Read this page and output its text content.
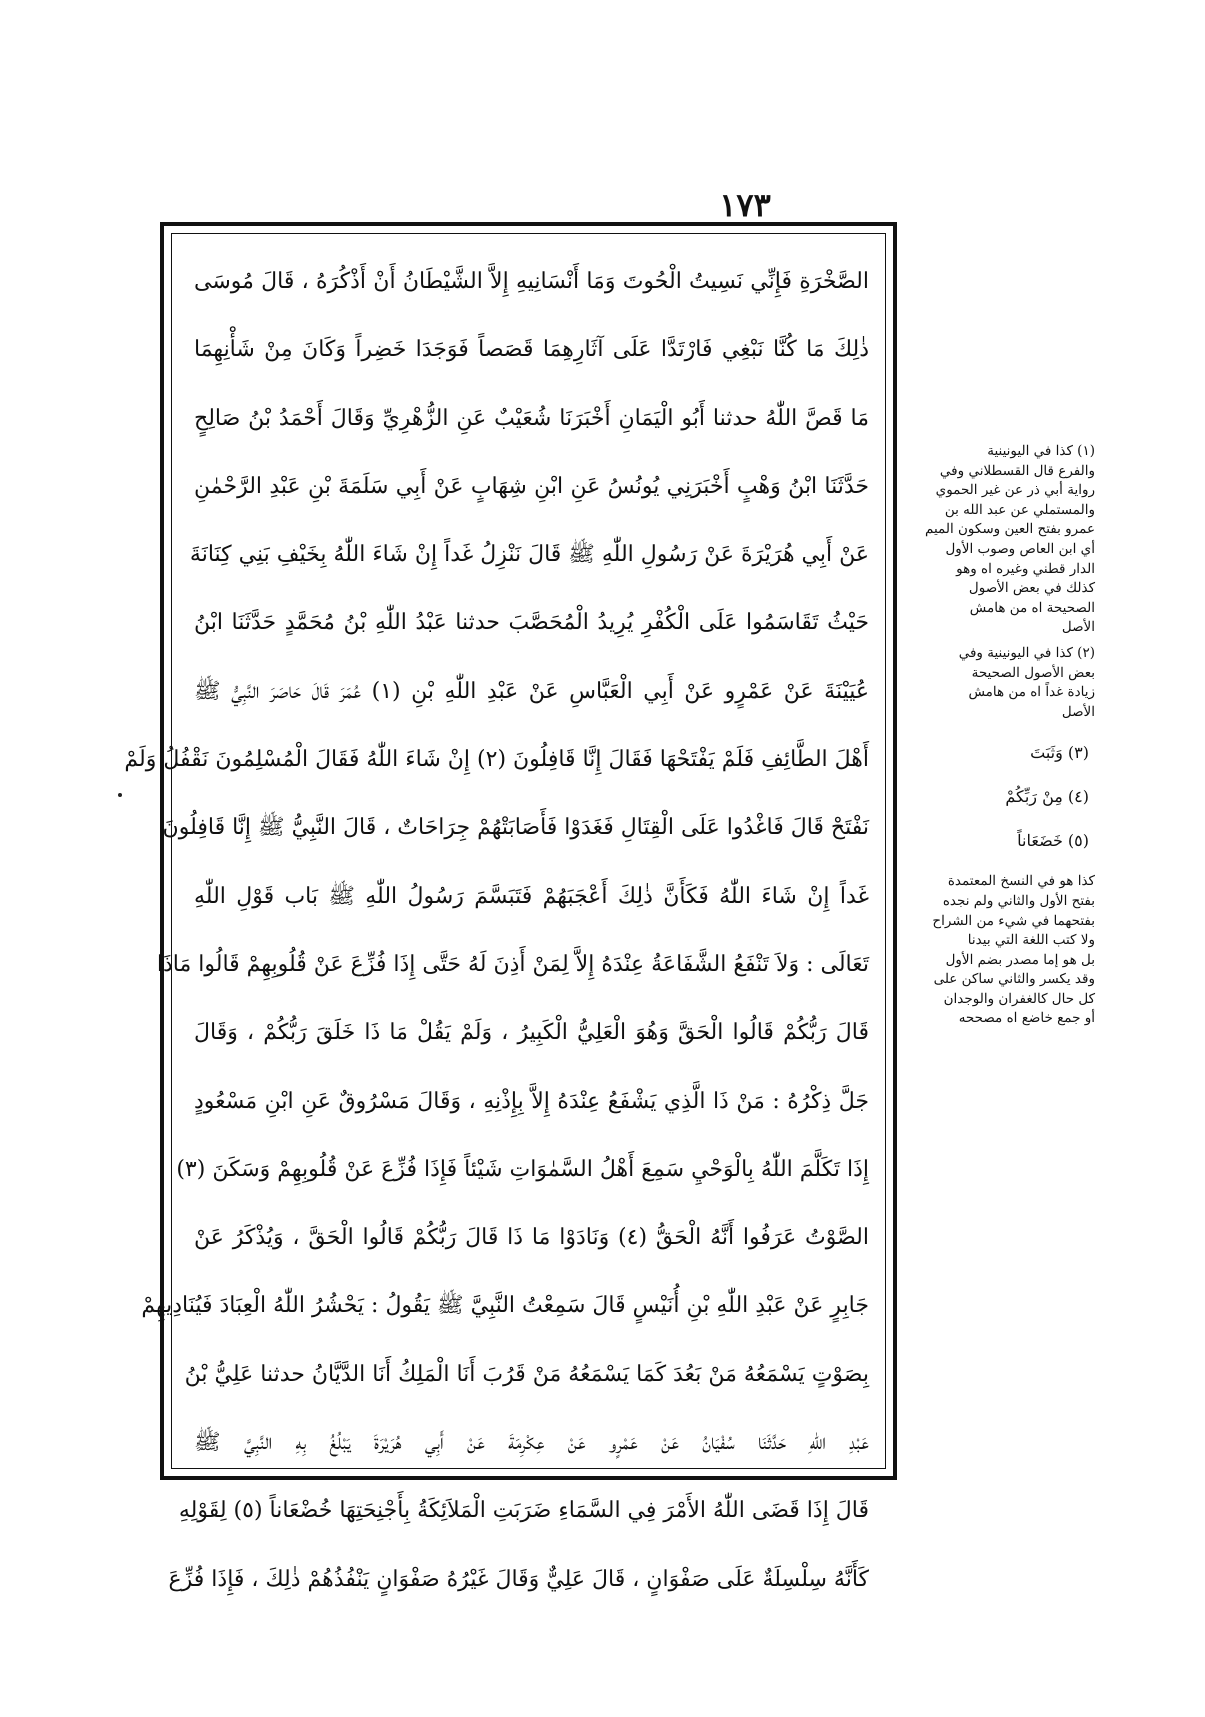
١٧٣
الصَّخْرَةِ فَإِنِّي نَسِيتُ الْحُوتَ وَمَا أَنْسَانِيهِ إِلاَّ الشَّيْطَانُ أَنْ أَذْكُرَهُ ، قَالَ مُوسَى
ذٰلِكَ مَا كُنَّا نَبْغِي فَارْتَدَّا عَلَى آثَارِهِمَا قَصَصاً فَوَجَدَا خَضِراً وَكَانَ مِنْ شَأْنِهِمَا
مَا قَصَّ اللّٰهُ حدثنا أَبُو الْيَمَانِ أَخْبَرَنَا شُعَيْبٌ عَنِ الزُّهْرِيِّ وَقَالَ أَحْمَدُ بْنُ صَالِحٍ
حَدَّثَنَا ابْنُ وَهْبٍ أَخْبَرَنِي يُونُسُ عَنِ ابْنِ شِهَابٍ عَنْ أَبِي سَلَمَةَ بْنِ عَبْدِ الرَّحْمٰنِ
عَنْ أَبِي هُرَيْرَةَ عَنْ رَسُولِ اللّٰهِ ﷺ قَالَ نَنْزِلُ غَداً إِنْ شَاءَ اللّٰهُ بِخَيْفِ بَنِي كِنَانَةَ
حَيْثُ تَقَاسَمُوا عَلَى الْكُفْرِ يُرِيدُ الْمُحَصَّبَ حدثنا عَبْدُ اللّٰهِ بْنُ مُحَمَّدٍ حَدَّثَنَا ابْنُ
عُيَيْنَةَ عَنْ عَمْرٍو عَنْ أَبِي الْعَبَّاسِ عَنْ عَبْدِ اللّٰهِ بْنِ (١) عُمَرَ قَالَ حَاصَرَ النَّبِيُّ ﷺ
أَهْلَ الطَّائِفِ فَلَمْ يَفْتَحْهَا فَقَالَ إِنَّا قَافِلُونَ (٢) إِنْ شَاءَ اللّٰهُ فَقَالَ الْمُسْلِمُونَ نَقْفُلُ وَلَمْ
نَفْتَحْ قَالَ فَاغْدُوا عَلَى الْقِتَالِ فَغَدَوْا فَأَصَابَتْهُمْ جِرَاحَاتٌ ، قَالَ النَّبِيُّ ﷺ إِنَّا قَافِلُونَ
غَداً إِنْ شَاءَ اللّٰهُ فَكَأَنَّ ذٰلِكَ أَعْجَبَهُمْ فَتَبَسَّمَ رَسُولُ اللّٰهِ ﷺ بَاب قَوْلِ اللّٰهِ
تَعَالَى : وَلاَ تَنْفَعُ الشَّفَاعَةُ عِنْدَهُ إِلاَّ لِمَنْ أَذِنَ لَهُ حَتَّى إِذَا فُزِّعَ عَنْ قُلُوبِهِمْ قَالُوا مَاذَا
قَالَ رَبُّكُمْ قَالُوا الْحَقَّ وَهُوَ الْعَلِيُّ الْكَبِيرُ ، وَلَمْ يَقُلْ مَا ذَا خَلَقَ رَبُّكُمْ ، وَقَالَ
جَلَّ ذِكْرُهُ : مَنْ ذَا الَّذِي يَشْفَعُ عِنْدَهُ إِلاَّ بِإِذْنِهِ ، وَقَالَ مَسْرُوقٌ عَنِ ابْنِ مَسْعُودٍ
إِذَا تَكَلَّمَ اللّٰهُ بِالْوَحْيِ سَمِعَ أَهْلُ السَّمٰوَاتِ شَيْئاً فَإِذَا فُزِّعَ عَنْ قُلُوبِهِمْ وَسَكَنَ (٣)
الصَّوْتُ عَرَفُوا أَنَّهُ الْحَقُّ (٤) وَنَادَوْا مَا ذَا قَالَ رَبُّكُمْ قَالُوا الْحَقَّ ، وَيُذْكَرُ عَنْ
جَابِرٍ عَنْ عَبْدِ اللّٰهِ بْنِ أُنَيْسٍ قَالَ سَمِعْتُ النَّبِيَّ ﷺ يَقُولُ : يَحْشُرُ اللّٰهُ الْعِبَادَ فَيُنَادِيهِمْ
بِصَوْتٍ يَسْمَعُهُ مَنْ بَعُدَ كَمَا يَسْمَعُهُ مَنْ قَرُبَ أَنَا الْمَلِكُ أَنَا الدَّيَّانُ حدثنا عَلِيُّ بْنُ
عَبْدِ اللّٰهِ حَدَّثَنَا سُفْيَانُ عَنْ عَمْرٍو عَنْ عِكْرِمَةَ عَنْ أَبِي هُرَيْرَةَ يَبْلُغُ بِهِ النَّبِيَّ ﷺ
قَالَ إِذَا قَضَى اللّٰهُ الأَمْرَ فِي السَّمَاءِ ضَرَبَتِ الْمَلاَئِكَةُ بِأَجْنِحَتِهَا خُضْعَاناً (٥) لِقَوْلِهِ
كَأَنَّهُ سِلْسِلَةٌ عَلَى صَفْوَانٍ ، قَالَ عَلِيٌّ وَقَالَ غَيْرُهُ صَفْوَانٍ يَنْفُذُهُمْ ذٰلِكَ ، فَإِذَا فُزِّعَ
(١) كذا في اليونينية
والفرع قال القسطلاني وفي
رواية أبي ذر عن غير الحموي
والمستملي عن عبد الله بن
عمرو بفتح العين وسكون الميم
أي ابن العاص وصوب الأول
الدار قطني وغيره اه وهو
كذلك في بعض الأصول
الصحيحة اه من هامش
الأصل
(٢) كذا في اليونينية وفي
بعض الأصول الصحيحة
زيادة غداً اه من هامش
الأصل
(٣) وَثَبَتَ
(٤) مِنْ رَبِّكُمْ
(٥) خَضَعَاناً
كذا هو في النسخ المعتمدة
بفتح الأول والثاني ولم نجده
بفتحهما في شيء من الشراح
ولا كتب اللغة التي بيدنا
بل هو إما مصدر بضم الأول
وقد يكسر والثاني ساكن على
كل حال كالغفران والوجدان
أو جمع خاضع اه مصححه
